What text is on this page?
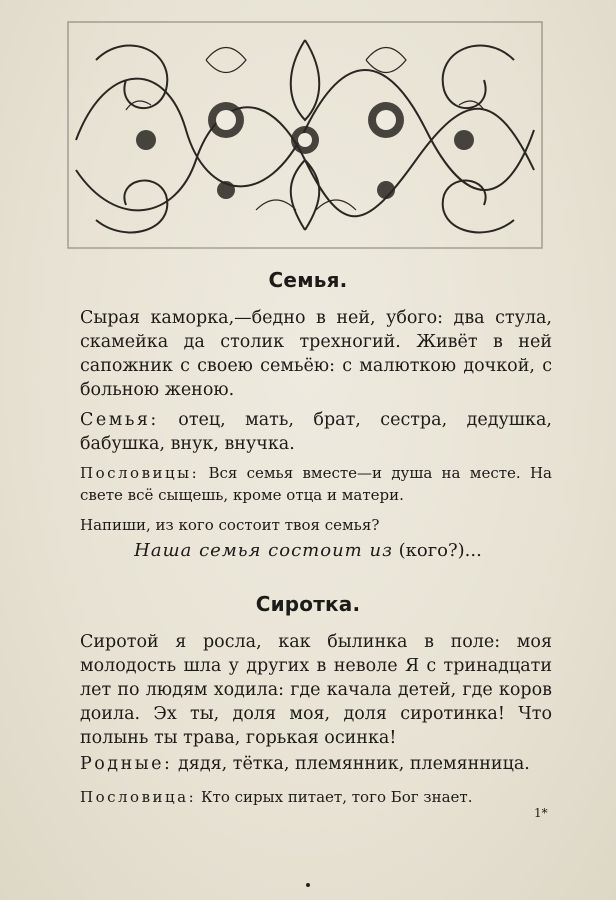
Семья.

Сырая каморка,—бедно в ней, убого: два стула, скамейка да столик трехногий. Живёт в ней сапожник с своею семьёю: с малюткою дочкой, с больною женою.

Семья: отец, мать, брат, сестра, дедушка, бабушка, внук, внучка.

Пословицы: Вся семья вместе—и душа на месте. На свете всё сыщешь, кроме отца и матери.

Напиши, из кого состоит твоя семья?

Наша семья состоит из (кого?)...

Сиротка.

Сиротой я росла, как былинка в поле: моя молодость шла у других в неволе Я с тринадцати лет по людям ходила: где качала детей, где коров доила. Эх ты, доля моя, доля сиротинка! Что полынь ты трава, горькая осинка!

Родные: дядя, тётка, племянник, племянница.

Пословица: Кто сирых питает, того Бог знает.

1*
